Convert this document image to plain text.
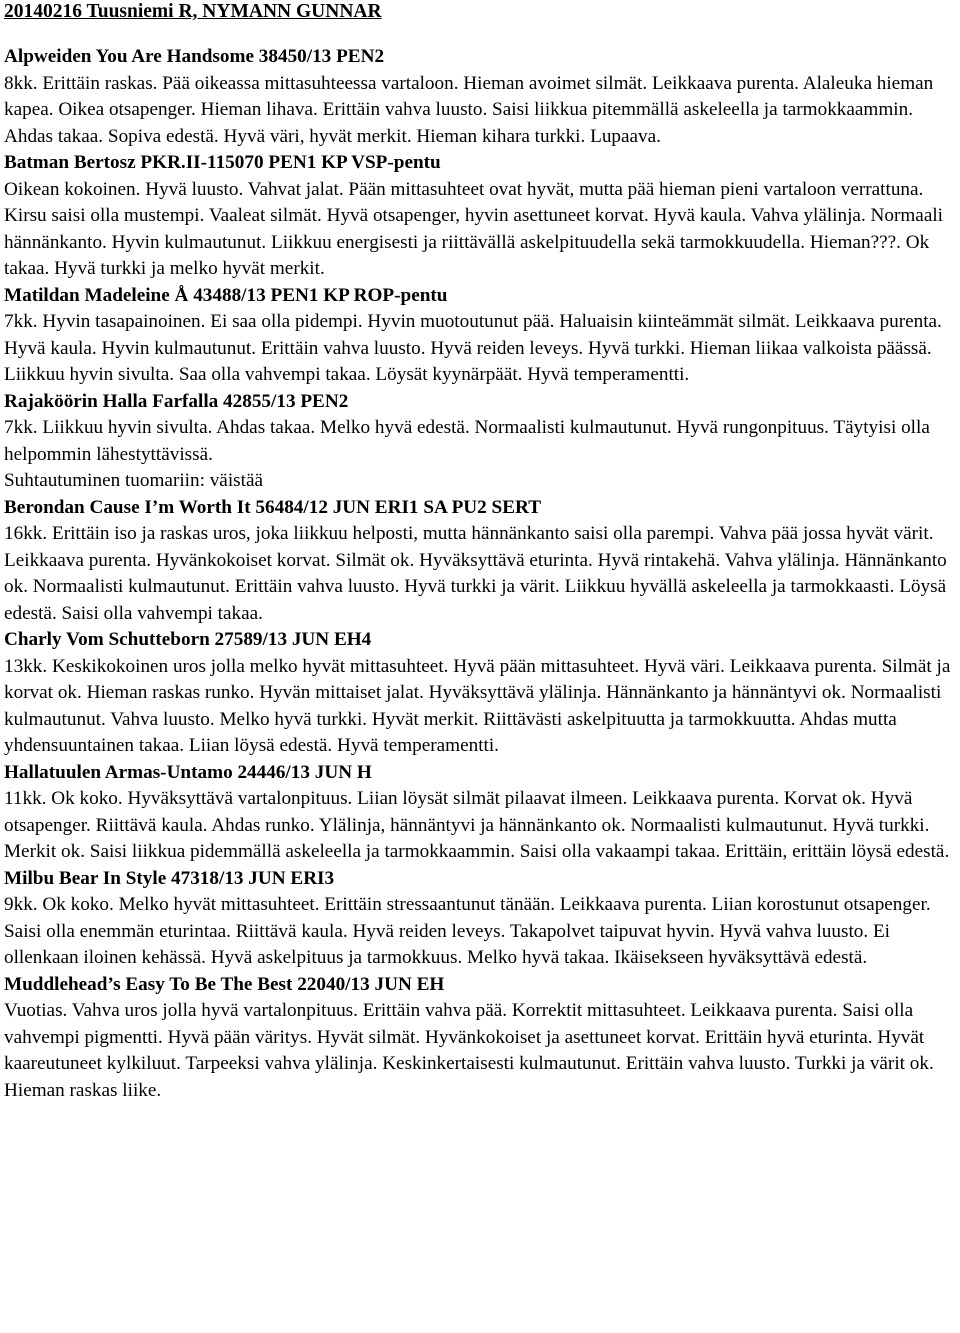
20140216 Tuusniemi R, NYMANN GUNNAR
Alpweiden You Are Handsome 38450/13 PEN2
8kk. Erittäin raskas. Pää oikeassa mittasuhteessa vartaloon. Hieman avoimet silmät. Leikkaava purenta. Alaleuka hieman kapea. Oikea otsapenger. Hieman lihava. Erittäin vahva luusto. Saisi liikkua pitemmällä askeleella ja tarmokkaammin. Ahdas takaa. Sopiva edestä. Hyvä väri, hyvät merkit. Hieman kihara turkki. Lupaava.
Batman Bertosz PKR.II-115070 PEN1 KP VSP-pentu
Oikean kokoinen. Hyvä luusto. Vahvat jalat. Pään mittasuhteet ovat hyvät, mutta pää hieman pieni vartaloon verrattuna. Kirsu saisi olla mustempi. Vaaleat silmät. Hyvä otsapenger, hyvin asettuneet korvat. Hyvä kaula. Vahva ylälinja. Normaali hännänkanto. Hyvin kulmautunut. Liikkuu energisesti ja riittävällä askelpituudella sekä tarmokkuudella. Hieman???. Ok takaa. Hyvä turkki ja melko hyvät merkit.
Matildan Madeleine Å 43488/13 PEN1 KP ROP-pentu
7kk. Hyvin tasapainoinen. Ei saa olla pidempi. Hyvin muotoutunut pää. Haluaisin kiinteämmät silmät. Leikkaava purenta. Hyvä kaula. Hyvin kulmautunut. Erittäin vahva luusto. Hyvä reiden leveys. Hyvä turkki. Hieman liikaa valkoista päässä. Liikkuu hyvin sivulta. Saa olla vahvempi takaa. Löysät kyynärpäät. Hyvä temperamentti.
Rajaköörin Halla Farfalla 42855/13 PEN2
7kk. Liikkuu hyvin sivulta. Ahdas takaa. Melko hyvä edestä. Normaalisti kulmautunut. Hyvä rungonpituus. Täytyisi olla helpommin lähestyttävissä.
Suhtautuminen tuomariin: väistää
Berondan Cause I’m Worth It 56484/12 JUN ERI1 SA PU2 SERT
16kk. Erittäin iso ja raskas uros, joka liikkuu helposti, mutta hännänkanto saisi olla parempi. Vahva pää jossa hyvät värit. Leikkaava purenta. Hyvänkokoiset korvat. Silmät ok. Hyväksyttävä eturinta. Hyvä rintakehä. Vahva ylälinja. Hännänkanto ok. Normaalisti kulmautunut. Erittäin vahva luusto. Hyvä turkki ja värit. Liikkuu hyvällä askeleella ja tarmokkaasti. Löysä edestä. Saisi olla vahvempi takaa.
Charly Vom Schutteborn 27589/13 JUN EH4
13kk. Keskikokoinen uros jolla melko hyvät mittasuhteet. Hyvä pään mittasuhteet. Hyvä väri. Leikkaava purenta. Silmät ja korvat ok. Hieman raskas runko. Hyvän mittaiset jalat. Hyväksyttävä ylälinja. Hännänkanto ja hännäntyvi ok. Normaalisti kulmautunut. Vahva luusto. Melko hyvä turkki. Hyvät merkit. Riittävästi askelpituutta ja tarmokkuutta. Ahdas mutta yhdensuuntainen takaa. Liian löysä edestä. Hyvä temperamentti.
Hallatuulen Armas-Untamo 24446/13 JUN H
11kk. Ok koko. Hyväksyttävä vartalonpituus. Liian löysät silmät pilaavat ilmeen. Leikkaava purenta. Korvat ok. Hyvä otsapenger. Riittävä kaula. Ahdas runko. Ylälinja, hännäntyvi ja hännänkanto ok. Normaalisti kulmautunut. Hyvä turkki. Merkit ok. Saisi liikkua pidemmällä askeleella ja tarmokkaammin. Saisi olla vakaampi takaa. Erittäin, erittäin löysä edestä.
Milbu Bear In Style 47318/13 JUN ERI3
9kk. Ok koko. Melko hyvät mittasuhteet. Erittäin stressaantunut tänään. Leikkaava purenta. Liian korostunut otsapenger. Saisi olla enemmän eturintaa. Riittävä kaula. Hyvä reiden leveys. Takapolvet taipuvat hyvin. Hyvä vahva luusto. Ei ollenkaan iloinen kehässä. Hyvä askelpituus ja tarmokkuus. Melko hyvä takaa. Ikäisekseen hyväksyttävä edestä.
Muddlehead’s Easy To Be The Best 22040/13 JUN EH
Vuotias. Vahva uros jolla hyvä vartalonpituus. Erittäin vahva pää. Korrektit mittasuhteet. Leikkaava purenta. Saisi olla vahvempi pigmentti. Hyvä pään väritys. Hyvät silmät. Hyvänkokoiset ja asettuneet korvat. Erittäin hyvä eturinta. Hyvät kaareutuneet kylkiluut. Tarpeeksi vahva ylälinja. Keskinkertaisesti kulmautunut. Erittäin vahva luusto. Turkki ja värit ok. Hieman raskas liike.
